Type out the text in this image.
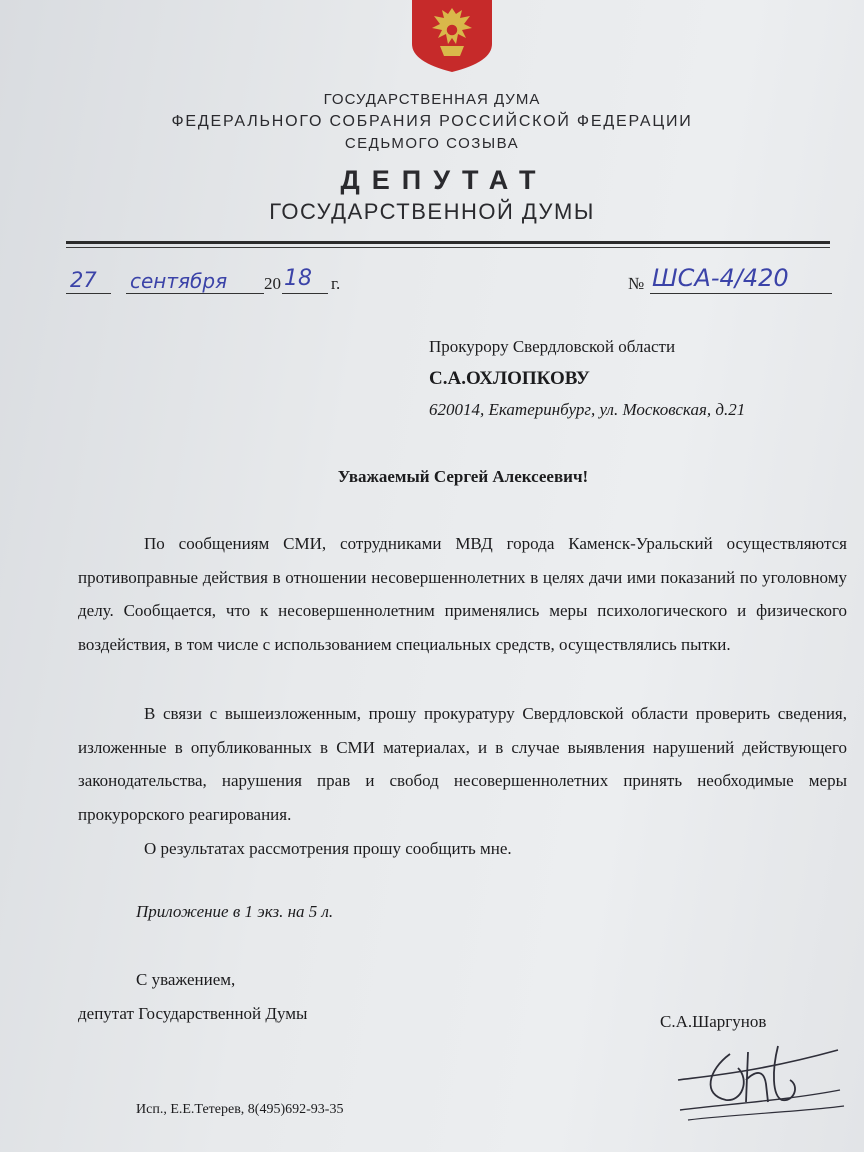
ГОСУДАРСТВЕННАЯ ДУМА
ФЕДЕРАЛЬНОГО СОБРАНИЯ РОССИЙСКОЙ ФЕДЕРАЦИИ
СЕДЬМОГО СОЗЫВА
ДЕПУТАТ
ГОСУДАРСТВЕННОЙ ДУМЫ
27 сентября 20 18 г.	№ ШСА-4/420
Прокурору Свердловской области
С.А.ОХЛОПКОВУ
620014, Екатеринбург, ул. Московская, д.21
Уважаемый Сергей Алексеевич!
По сообщениям СМИ, сотрудниками МВД города Каменск-Уральский осуществляются противоправные действия в отношении несовершеннолетних в целях дачи ими показаний по уголовному делу. Сообщается, что к несовершеннолетним применялись меры психологического и физического воздействия, в том числе с использованием специальных средств, осуществлялись пытки.
В связи с вышеизложенным, прошу прокуратуру Свердловской области проверить сведения, изложенные в опубликованных в СМИ материалах, и в случае выявления нарушений действующего законодательства, нарушения прав и свобод несовершеннолетних принять необходимые меры прокурорского реагирования.
О результатах рассмотрения прошу сообщить мне.
Приложение в 1 экз. на 5 л.
С уважением,
депутат Государственной Думы	С.А.Шаргунов
Исп., Е.Е.Тетерев, 8(495)692-93-35
